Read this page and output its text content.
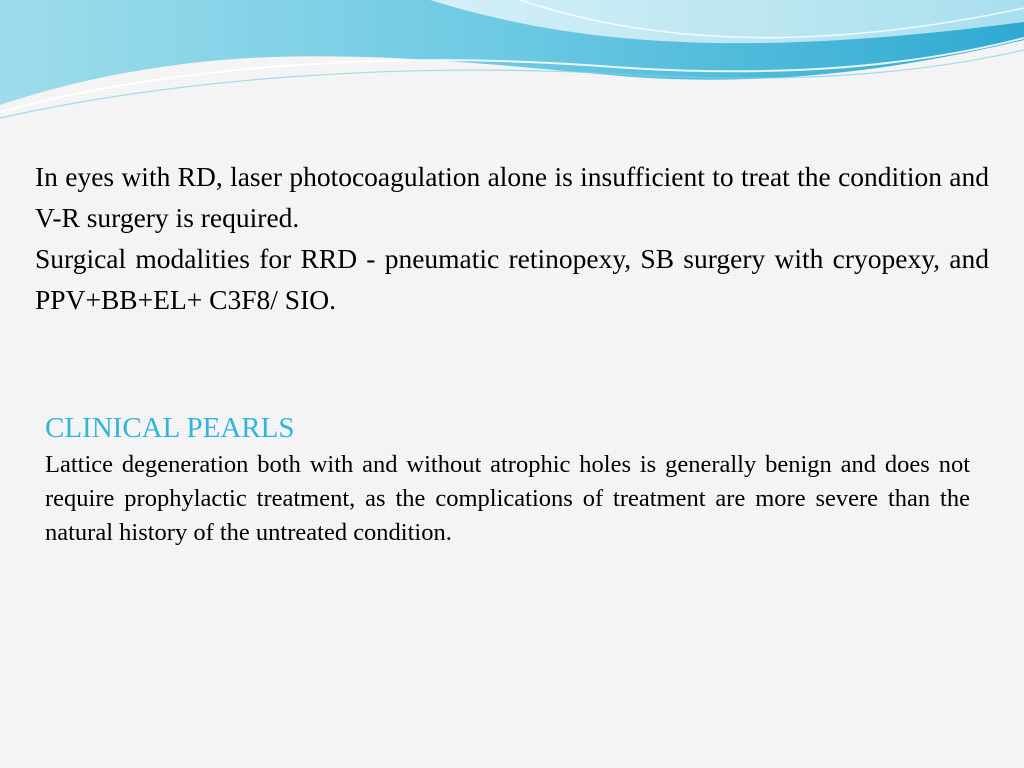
In eyes with RD, laser photocoagulation alone is insufficient to treat the condition and V-R surgery is required.

Surgical modalities for RRD - pneumatic retinopexy, SB surgery with cryopexy, and PPV+BB+EL+ C3F8/ SIO.

CLINICAL PEARLS

Lattice degeneration both with and without atrophic holes is generally benign and does not require prophylactic treatment, as the complications of treatment are more severe than the natural history of the untreated condition.
